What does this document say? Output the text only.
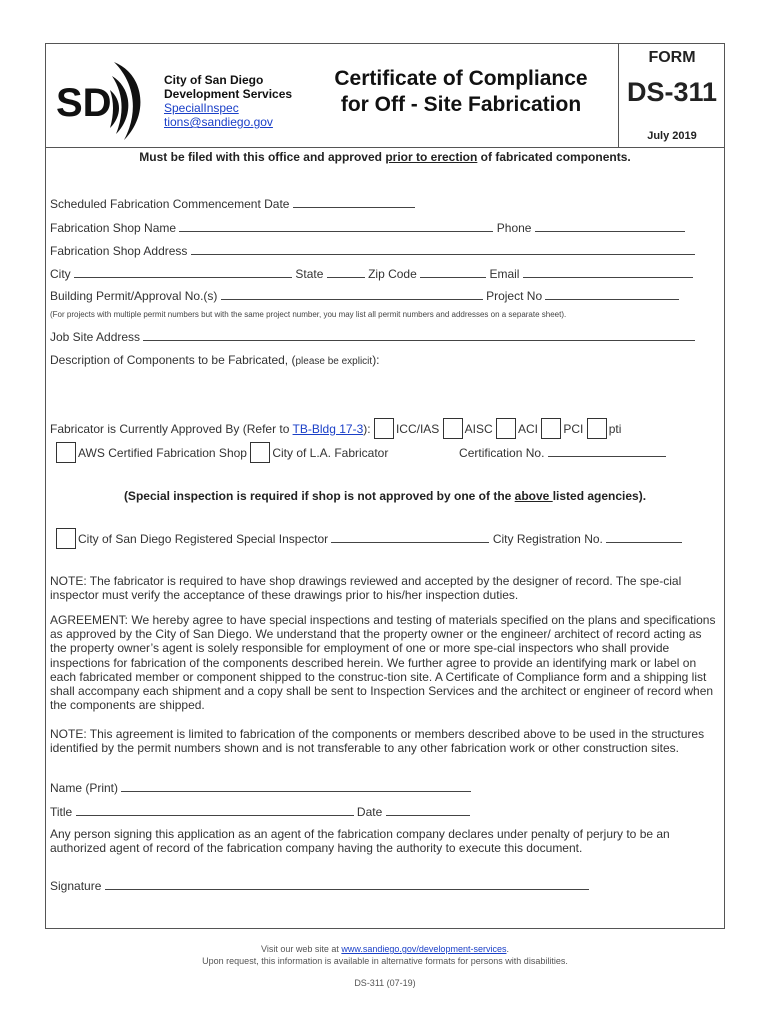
SD
City of San Diego
Development Services
SpecialInspec
tions@sandiego.gov
Certificate of Compliance
for Off - Site Fabrication
FORM
DS-311
July 2019
Must be filed with this office and approved prior to erection of fabricated components.
Scheduled Fabrication Commencement Date
Fabrication Shop Name	Phone
Fabrication Shop Address
City	State	Zip Code	Email
Building Permit/Approval No.(s)	Project No
(For projects with multiple permit numbers but with the same project number, you may list all permit numbers and addresses on a separate sheet).
Job Site Address
Description of Components to be Fabricated, (please be explicit):
Fabricator is Currently Approved By (Refer to TB-Bldg 17-3): ICC/IAS AISC ACI PCI pti
AWS Certified Fabrication Shop City of L.A. Fabricator	Certification No.
(Special inspection is required if shop is not approved by one of the above listed agencies).
City of San Diego Registered Special Inspector	City Registration No.
NOTE: The fabricator is required to have shop drawings reviewed and accepted by the designer of record. The spe-cial inspector must verify the acceptance of these drawings prior to his/her inspection duties.
AGREEMENT: We hereby agree to have special inspections and testing of materials specified on the plans and specifications as approved by the City of San Diego. We understand that the property owner or the engineer/ architect of record acting as the property owner’s agent is solely responsible for employment of one or more spe-cial inspectors who shall provide inspections for fabrication of the components described herein. We further agree to provide an identifying mark or label on each fabricated member or component shipped to the construc-tion site. A Certificate of Compliance form and a shipping list shall accompany each shipment and a copy shall be sent to Inspection Services and the architect or engineer of record when the components are shipped.
NOTE: This agreement is limited to fabrication of the components or members described above to be used in the structures identified by the permit numbers shown and is not transferable to any other fabrication work or other construction sites.
Name (Print)
Title	Date
Any person signing this application as an agent of the fabrication company declares under penalty of perjury to be an authorized agent of record of the fabrication company having the authority to execute this document.
Signature
Visit our web site at www.sandiego.gov/development-services.
Upon request, this information is available in alternative formats for persons with disabilities.
DS-311 (07-19)
